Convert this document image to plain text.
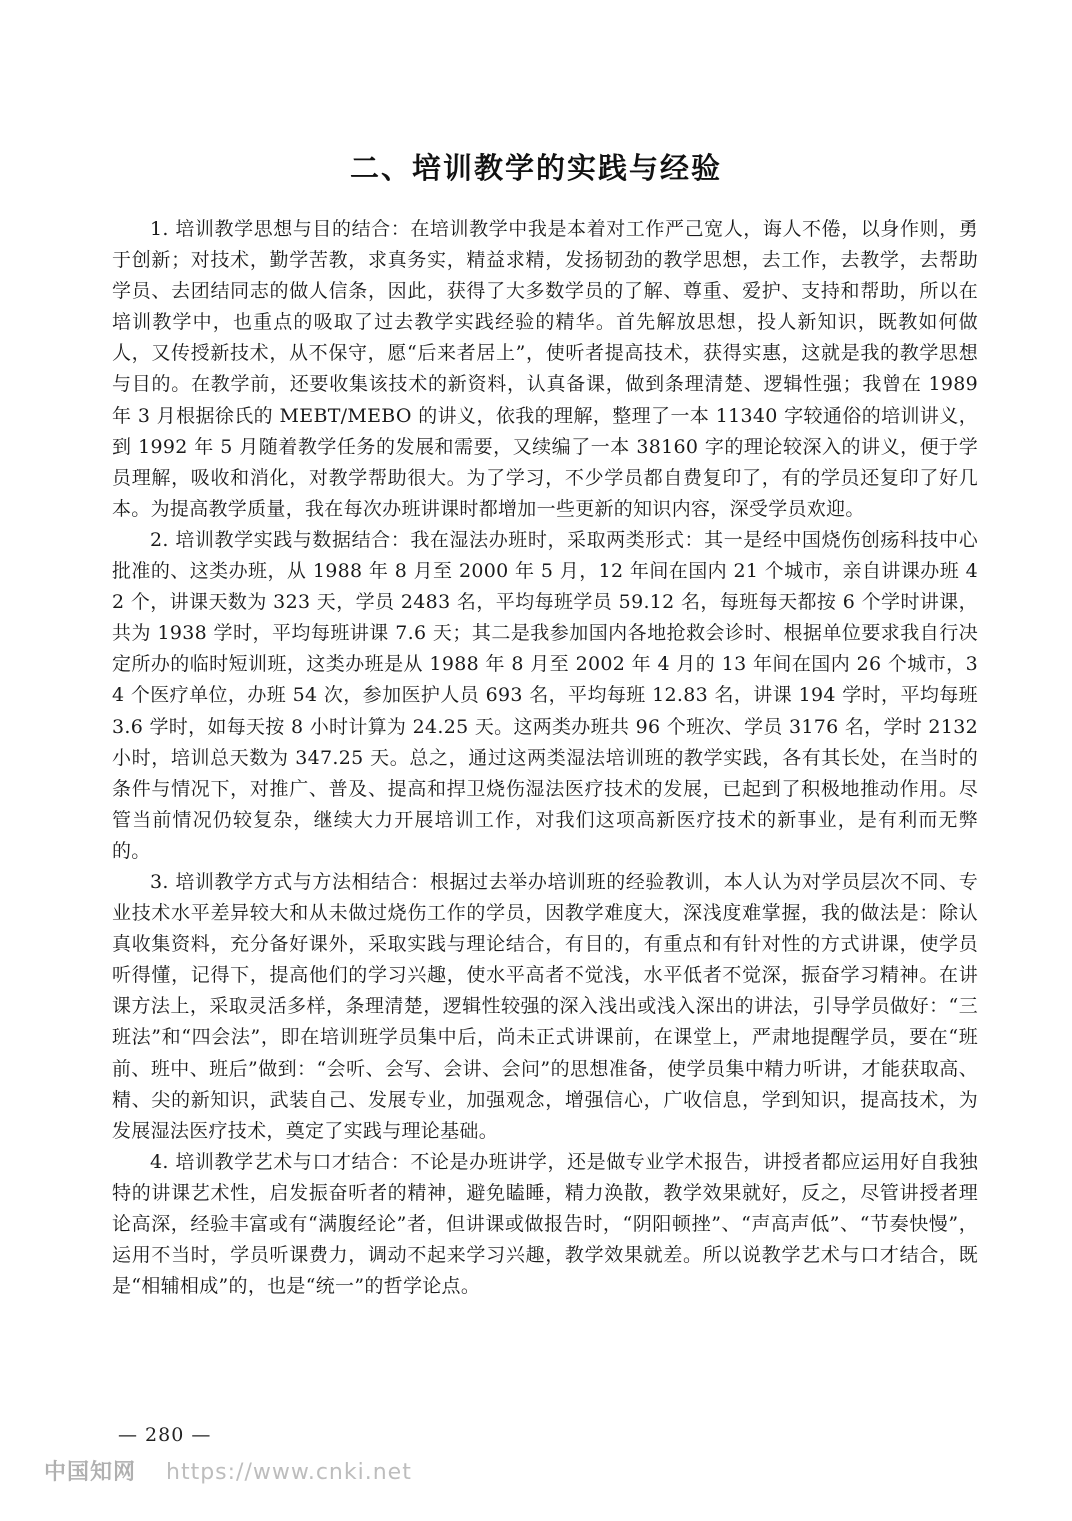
二、培训教学的实践与经验

1. 培训教学思想与目的结合：在培训教学中我是本着对工作严己宽人，诲人不倦，以身作则，勇于创新；对技术，勤学苦教，求真务实，精益求精，发扬韧劲的教学思想，去工作，去教学，去帮助学员、去团结同志的做人信条，因此，获得了大多数学员的了解、尊重、爱护、支持和帮助，所以在培训教学中，也重点的吸取了过去教学实践经验的精华。首先解放思想，投人新知识，既教如何做人，又传授新技术，从不保守，愿“后来者居上”，使听者提高技术，获得实惠，这就是我的教学思想与目的。在教学前，还要收集该技术的新资料，认真备课，做到条理清楚、逻辑性强；我曾在 1989 年 3 月根据徐氏的 MEBT/MEBO 的讲义，依我的理解，整理了一本 11340 字较通俗的培训讲义，到 1992 年 5 月随着教学任务的发展和需要，又续编了一本 38160 字的理论较深入的讲义，便于学员理解，吸收和消化，对教学帮助很大。为了学习，不少学员都自费复印了，有的学员还复印了好几本。为提高教学质量，我在每次办班讲课时都增加一些更新的知识内容，深受学员欢迎。

2. 培训教学实践与数据结合：我在湿法办班时，采取两类形式：其一是经中国烧伤创疡科技中心批准的、这类办班，从 1988 年 8 月至 2000 年 5 月，12 年间在国内 21 个城市，亲自讲课办班 42 个，讲课天数为 323 天，学员 2483 名，平均每班学员 59.12 名，每班每天都按 6 个学时讲课，共为 1938 学时，平均每班讲课 7.6 天；其二是我参加国内各地抢救会诊时、根据单位要求我自行决定所办的临时短训班，这类办班是从 1988 年 8 月至 2002 年 4 月的 13 年间在国内 26 个城市，34 个医疗单位，办班 54 次，参加医护人员 693 名，平均每班 12.83 名，讲课 194 学时，平均每班 3.6 学时，如每天按 8 小时计算为 24.25 天。这两类办班共 96 个班次、学员 3176 名，学时 2132 小时，培训总天数为 347.25 天。总之，通过这两类湿法培训班的教学实践，各有其长处，在当时的条件与情况下，对推广、普及、提高和捍卫烧伤湿法医疗技术的发展，已起到了积极地推动作用。尽管当前情况仍较复杂，继续大力开展培训工作，对我们这项高新医疗技术的新事业，是有利而无弊的。

3. 培训教学方式与方法相结合：根据过去举办培训班的经验教训，本人认为对学员层次不同、专业技术水平差异较大和从未做过烧伤工作的学员，因教学难度大，深浅度难掌握，我的做法是：除认真收集资料，充分备好课外，采取实践与理论结合，有目的，有重点和有针对性的方式讲课，使学员听得懂，记得下，提高他们的学习兴趣，使水平高者不觉浅，水平低者不觉深，振奋学习精神。在讲课方法上，采取灵活多样，条理清楚，逻辑性较强的深入浅出或浅入深出的讲法，引导学员做好：“三班法”和“四会法”，即在培训班学员集中后，尚未正式讲课前，在课堂上，严肃地提醒学员，要在“班前、班中、班后”做到：“会听、会写、会讲、会问”的思想准备，使学员集中精力听讲，才能获取高、精、尖的新知识，武装自己、发展专业，加强观念，增强信心，广收信息，学到知识，提高技术，为发展湿法医疗技术，奠定了实践与理论基础。

4. 培训教学艺术与口才结合：不论是办班讲学，还是做专业学术报告，讲授者都应运用好自我独特的讲课艺术性，启发振奋听者的精神，避免瞌睡，精力涣散，教学效果就好，反之，尽管讲授者理论高深，经验丰富或有“满腹经论”者，但讲课或做报告时，“阴阳顿挫”、“声高声低”、“节奏快慢”，运用不当时，学员听课费力，调动不起来学习兴趣，教学效果就差。所以说教学艺术与口才结合，既是“相辅相成”的，也是“统一”的哲学论点。

— 280 —
中国知网 https://www.cnki.net
